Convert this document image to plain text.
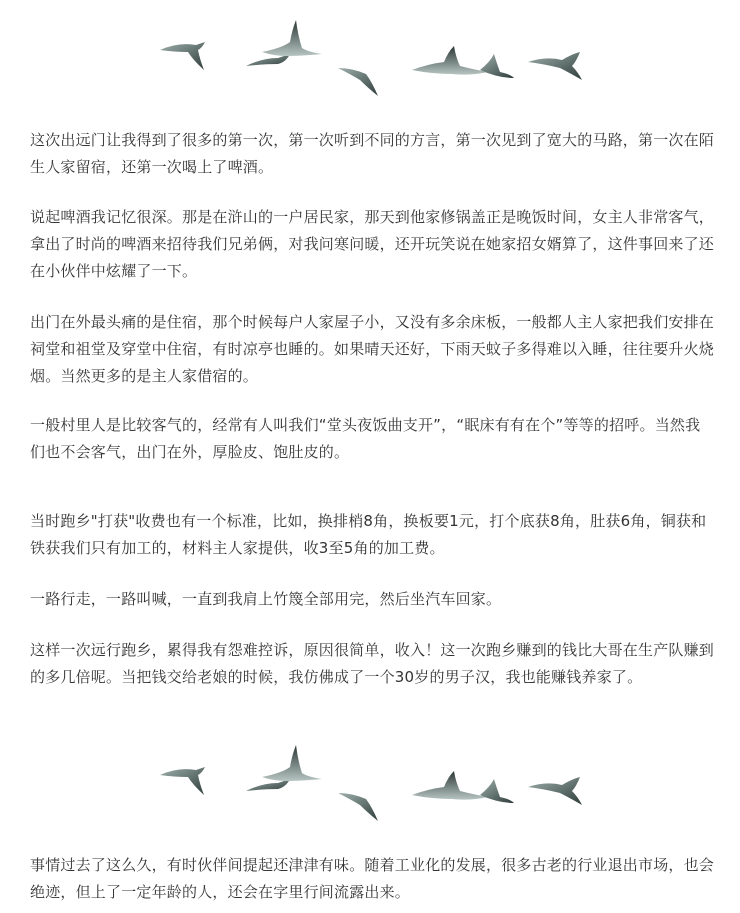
这次出远门让我得到了很多的第一次，第一次听到不同的方言，第一次见到了宽大的马路，第一次在陌生人家留宿，还第一次喝上了啤酒。

说起啤酒我记忆很深。那是在浒山的一户居民家，那天到他家修锅盖正是晚饭时间，女主人非常客气，拿出了时尚的啤酒来招待我们兄弟俩，对我问寒问暖，还开玩笑说在她家招女婿算了，这件事回来了还在小伙伴中炫耀了一下。

出门在外最头痛的是住宿，那个时候每户人家屋子小，又没有多余床板，一般都人主人家把我们安排在祠堂和祖堂及穿堂中住宿，有时凉亭也睡的。如果晴天还好，下雨天蚊子多得难以入睡，往往要升火烧烟。当然更多的是主人家借宿的。

一般村里人是比较客气的，经常有人叫我们“堂头夜饭曲支开”，“眠床有有在个”等等的招呼。当然我们也不会客气，出门在外，厚脸皮、饱肚皮的。

当时跑乡"打获"收费也有一个标准，比如，换排梢8角，换板要1元，打个底获8角，肚获6角，铜获和铁获我们只有加工的，材料主人家提供，收3至5角的加工费。

一路行走，一路叫喊，一直到我肩上竹篾全部用完，然后坐汽车回家。

这样一次远行跑乡，累得我有怨难控诉，原因很简单，收入！这一次跑乡赚到的钱比大哥在生产队赚到的多几倍呢。当把钱交给老娘的时候，我仿佛成了一个30岁的男子汉，我也能赚钱养家了。

事情过去了这么久，有时伙伴间提起还津津有味。随着工业化的发展，很多古老的行业退出市场，也会绝迹，但上了一定年龄的人，还会在字里行间流露出来。
